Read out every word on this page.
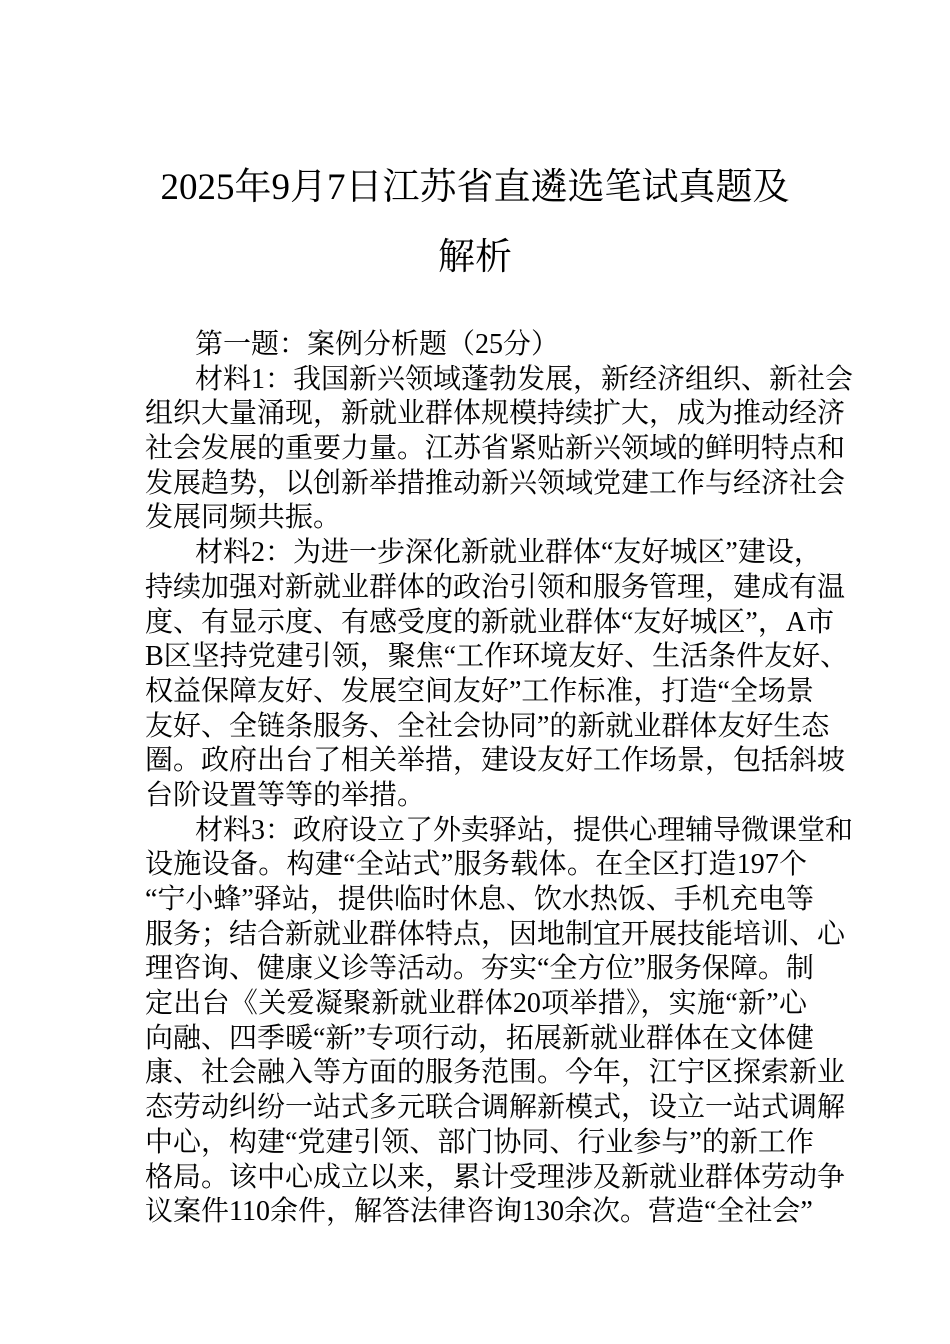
2025年9月7日江苏省直遴选笔试真题及
解析
第一题：案例分析题（25分）
材料1：我国新兴领域蓬勃发展，新经济组织、新社会
组织大量涌现，新就业群体规模持续扩大，成为推动经济
社会发展的重要力量。江苏省紧贴新兴领域的鲜明特点和
发展趋势，以创新举措推动新兴领域党建工作与经济社会
发展同频共振。
材料2：为进一步深化新就业群体“友好城区”建设，
持续加强对新就业群体的政治引领和服务管理，建成有温
度、有显示度、有感受度的新就业群体“友好城区”，A市
B区坚持党建引领，聚焦“工作环境友好、生活条件友好、
权益保障友好、发展空间友好”工作标准，打造“全场景
友好、全链条服务、全社会协同”的新就业群体友好生态
圈。政府出台了相关举措，建设友好工作场景，包括斜坡
台阶设置等等的举措。
材料3：政府设立了外卖驿站，提供心理辅导微课堂和
设施设备。构建“全站式”服务载体。在全区打造197个
“宁小蜂”驿站，提供临时休息、饮水热饭、手机充电等
服务；结合新就业群体特点，因地制宜开展技能培训、心
理咨询、健康义诊等活动。夯实“全方位”服务保障。制
定出台《关爱凝聚新就业群体20项举措》，实施“新”心
向融、四季暖“新”专项行动，拓展新就业群体在文体健
康、社会融入等方面的服务范围。今年，江宁区探索新业
态劳动纠纷一站式多元联合调解新模式，设立一站式调解
中心，构建“党建引领、部门协同、行业参与”的新工作
格局。该中心成立以来，累计受理涉及新就业群体劳动争
议案件110余件，解答法律咨询130余次。营造“全社会”
